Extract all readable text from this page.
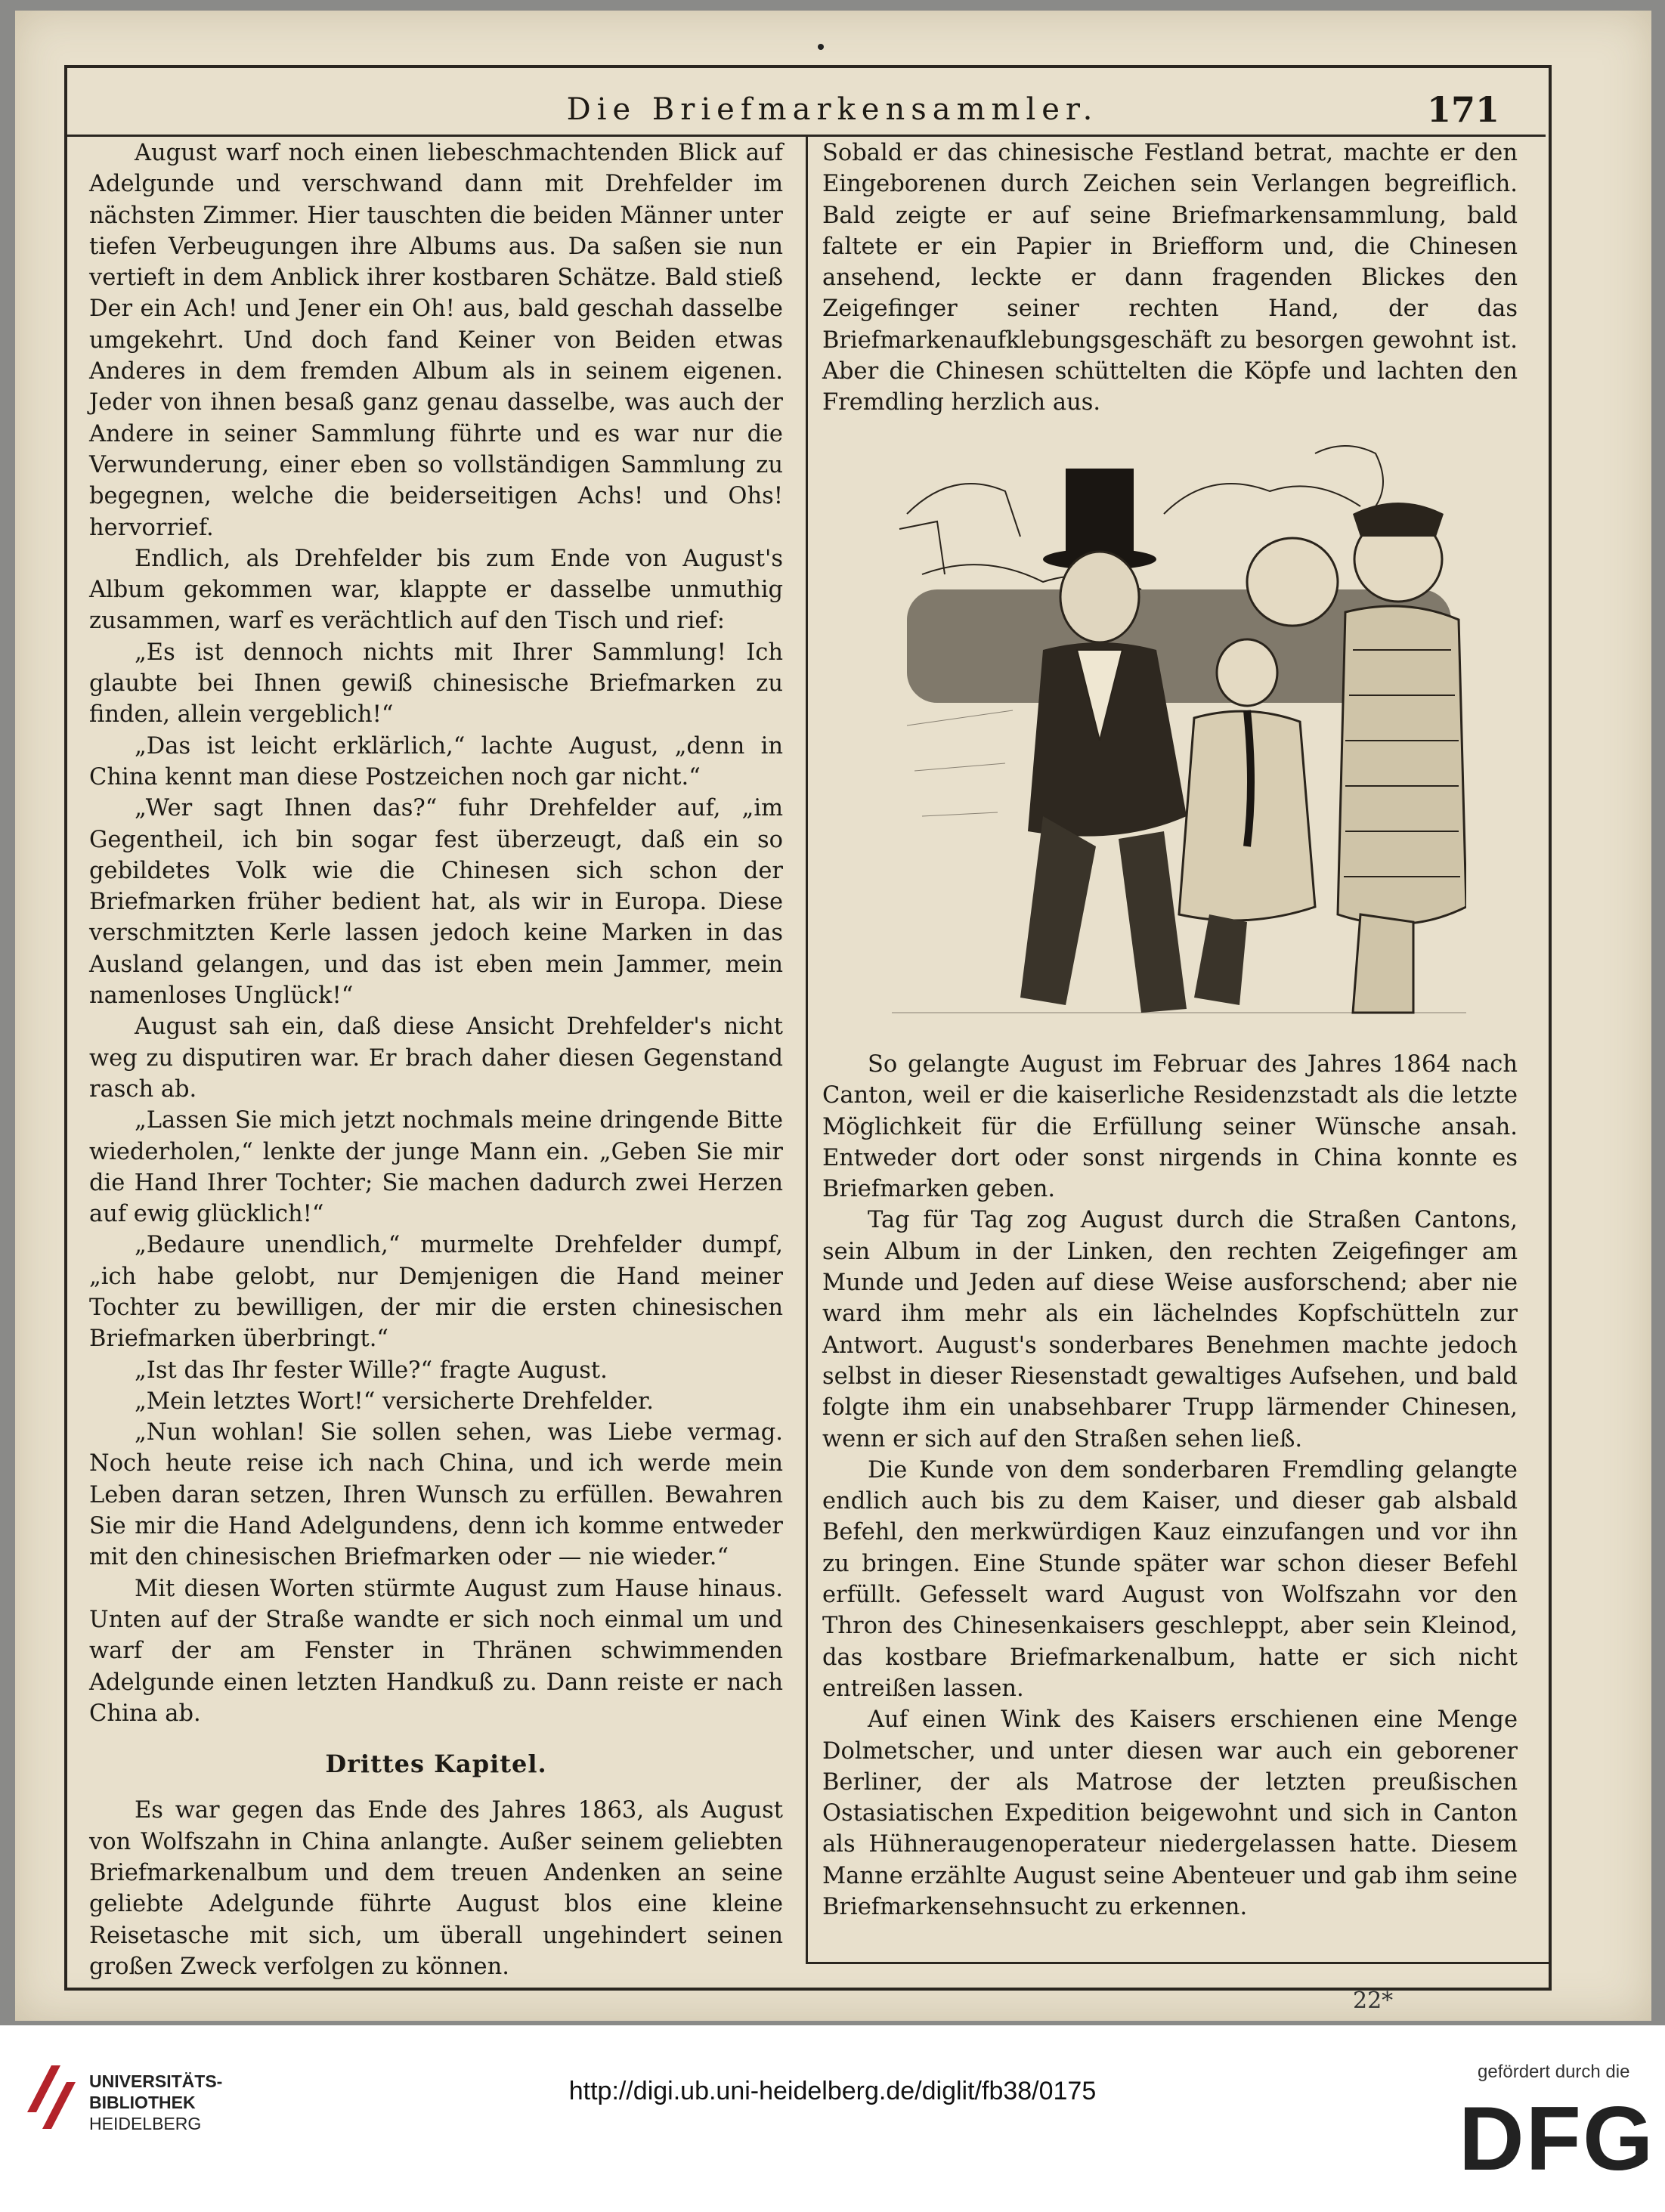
Die Briefmarkensammler.	171

August warf noch einen liebeschmachtenden Blick auf Adelgunde und verschwand dann mit Drehfelder im nächsten Zimmer. Hier tauschten die beiden Männer unter tiefen Verbeugungen ihre Albums aus. Da saßen sie nun vertieft in dem Anblick ihrer kostbaren Schätze. Bald stieß Der ein Ach! und Jener ein Oh! aus, bald geschah dasselbe umgekehrt. Und doch fand Keiner von Beiden etwas Anderes in dem fremden Album als in seinem eigenen. Jeder von ihnen besaß ganz genau dasselbe, was auch der Andere in seiner Sammlung führte und es war nur die Verwunderung, einer eben so vollständigen Sammlung zu begegnen, welche die beiderseitigen Achs! und Ohs! hervorrief.

Endlich, als Drehfelder bis zum Ende von August's Album gekommen war, klappte er dasselbe unmuthig zusammen, warf es verächtlich auf den Tisch und rief:

„Es ist dennoch nichts mit Ihrer Sammlung! Ich glaubte bei Ihnen gewiß chinesische Briefmarken zu finden, allein vergeblich!“

„Das ist leicht erklärlich,“ lachte August, „denn in China kennt man diese Postzeichen noch gar nicht.“

„Wer sagt Ihnen das?“ fuhr Drehfelder auf, „im Gegentheil, ich bin sogar fest überzeugt, daß ein so gebildetes Volk wie die Chinesen sich schon der Briefmarken früher bedient hat, als wir in Europa. Diese verschmitzten Kerle lassen jedoch keine Marken in das Ausland gelangen, und das ist eben mein Jammer, mein namenloses Unglück!“

August sah ein, daß diese Ansicht Drehfelder's nicht weg zu disputiren war. Er brach daher diesen Gegenstand rasch ab.

„Lassen Sie mich jetzt nochmals meine dringende Bitte wiederholen,“ lenkte der junge Mann ein. „Geben Sie mir die Hand Ihrer Tochter; Sie machen dadurch zwei Herzen auf ewig glücklich!“

„Bedaure unendlich,“ murmelte Drehfelder dumpf, „ich habe gelobt, nur Demjenigen die Hand meiner Tochter zu bewilligen, der mir die ersten chinesischen Briefmarken überbringt.“

„Ist das Ihr fester Wille?“ fragte August.

„Mein letztes Wort!“ versicherte Drehfelder.

„Nun wohlan! Sie sollen sehen, was Liebe vermag. Noch heute reise ich nach China, und ich werde mein Leben daran setzen, Ihren Wunsch zu erfüllen. Bewahren Sie mir die Hand Adelgundens, denn ich komme entweder mit den chinesischen Briefmarken oder — nie wieder.“

Mit diesen Worten stürmte August zum Hause hinaus. Unten auf der Straße wandte er sich noch einmal um und warf der am Fenster in Thränen schwimmenden Adelgunde einen letzten Handkuß zu. Dann reiste er nach China ab.

Drittes Kapitel.

Es war gegen das Ende des Jahres 1863, als August von Wolfszahn in China anlangte. Außer seinem geliebten Briefmarkenalbum und dem treuen Andenken an seine geliebte Adelgunde führte August blos eine kleine Reisetasche mit sich, um überall ungehindert seinen großen Zweck verfolgen zu können.

Sobald er das chinesische Festland betrat, machte er den Eingeborenen durch Zeichen sein Verlangen begreiflich. Bald zeigte er auf seine Briefmarkensammlung, bald faltete er ein Papier in Briefform und, die Chinesen ansehend, leckte er dann fragenden Blickes den Zeigefinger seiner rechten Hand, der das Briefmarkenaufklebungsgeschäft zu besorgen gewohnt ist. Aber die Chinesen schüttelten die Köpfe und lachten den Fremdling herzlich aus.

So gelangte August im Februar des Jahres 1864 nach Canton, weil er die kaiserliche Residenzstadt als die letzte Möglichkeit für die Erfüllung seiner Wünsche ansah. Entweder dort oder sonst nirgends in China konnte es Briefmarken geben.

Tag für Tag zog August durch die Straßen Cantons, sein Album in der Linken, den rechten Zeigefinger am Munde und Jeden auf diese Weise ausforschend; aber nie ward ihm mehr als ein lächelndes Kopfschütteln zur Antwort. August's sonderbares Benehmen machte jedoch selbst in dieser Riesenstadt gewaltiges Aufsehen, und bald folgte ihm ein unabsehbarer Trupp lärmender Chinesen, wenn er sich auf den Straßen sehen ließ.

Die Kunde von dem sonderbaren Fremdling gelangte endlich auch bis zu dem Kaiser, und dieser gab alsbald Befehl, den merkwürdigen Kauz einzufangen und vor ihn zu bringen. Eine Stunde später war schon dieser Befehl erfüllt. Gefesselt ward August von Wolfszahn vor den Thron des Chinesenkaisers geschleppt, aber sein Kleinod, das kostbare Briefmarkenalbum, hatte er sich nicht entreißen lassen.

Auf einen Wink des Kaisers erschienen eine Menge Dolmetscher, und unter diesen war auch ein geborener Berliner, der als Matrose der letzten preußischen Ostasiatischen Expedition beigewohnt und sich in Canton als Hühneraugenoperateur niedergelassen hatte. Diesem Manne erzählte August seine Abenteuer und gab ihm seine Briefmarkensehnsucht zu erkennen.

22*
UNIVERSITÄTS-
BIBLIOTHEK
HEIDELBERG
http://digi.ub.uni-heidelberg.de/diglit/fb38/0175
gefördert durch die
DFG
